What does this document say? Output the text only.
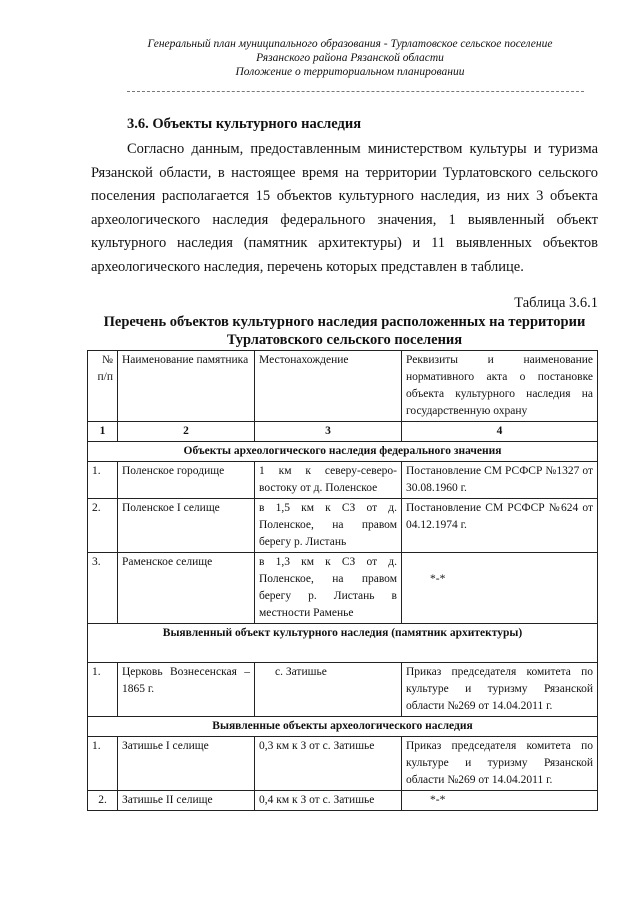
Генеральный план муниципального образования - Турлатовское сельское поселение
Рязанского района Рязанской области
Положение о территориальном планировании
3.6. Объекты культурного наследия

Согласно данным, предоставленным министерством культуры и туризма Рязанской области, в настоящее время на территории Турлатовского сельского поселения располагается 15 объектов культурного наследия, из них 3 объекта археологического наследия федерального значения, 1 выявленный объект культурного наследия (памятник архитектуры) и 11 выявленных объектов археологического наследия, перечень которых представлен в таблице.

Таблица 3.6.1
Перечень объектов культурного наследия расположенных на территории Турлатовского сельского поселения
№ п/п	Наименование памятника	Местонахождение	Реквизиты и наименование нормативного акта о постановке объекта культурного наследия на государственную охрану
1	2	3	4
Объекты археологического наследия федерального значения			
1.	Поленское городище	1 км к северу-северо-востоку от д. Поленское	Постановление СМ РСФСР №1327 от 30.08.1960 г.
2.	Поленское I селище	в 1,5 км к СЗ от д. Поленское, на правом берегу р. Листань	Постановление СМ РСФСР №624 от 04.12.1974 г.
3.	Раменское селище	в 1,3 км к СЗ от д. Поленское, на правом берегу р. Листань в местности Раменье	*-*
Выявленный объект культурного наследия (памятник архитектуры)			
1.	Церковь Вознесенская – 1865 г.	с. Затишье	Приказ председателя комитета по культуре и туризму Рязанской области №269 от 14.04.2011 г.
Выявленные объекты археологического наследия			
1.	Затишье I селище	0,3 км к З от с. Затишье	Приказ председателя комитета по культуре и туризму Рязанской области №269 от 14.04.2011 г.
2.	Затишье II селище	0,4 км к З от с. Затишье	*-*
